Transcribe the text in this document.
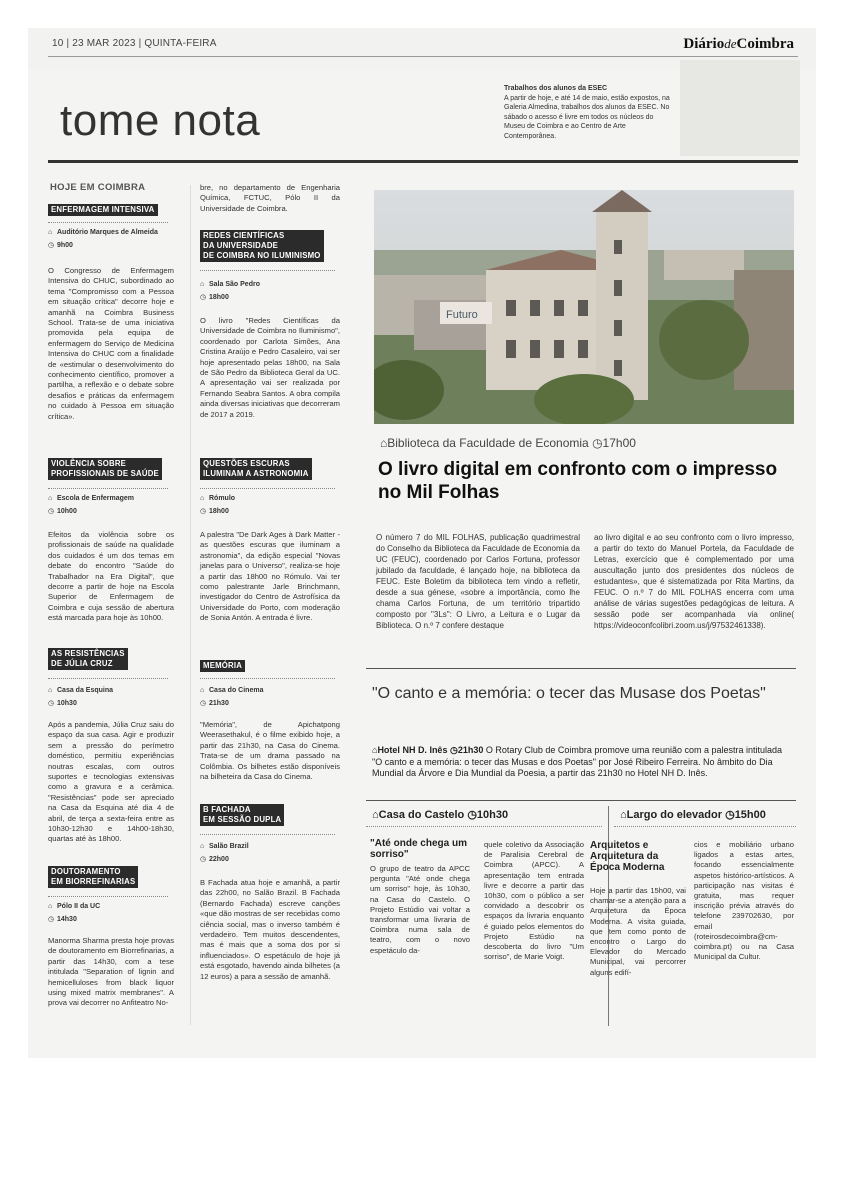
10 | 23 MAR 2023 | QUINTA-FEIRA	DiáriodeCoimbra
tome nota
Trabalhos dos alunos da ESEC
A partir de hoje, e até 14 de maio, estão expostos, na Galeria Almedina, trabalhos dos alunos da ESEC. No sábado o acesso é livre em todos os núcleos do Museu de Coimbra e ao Centro de Arte Contemporânea.
HOJE EM COIMBRA
ENFERMAGEM INTENSIVA
⌂ Auditório Marques de Almeida
◷ 9h00
O Congresso de Enfermagem Intensiva do CHUC, subordinado ao tema "Compromisso com a Pessoa em situação crítica" decorre hoje e amanhã na Coimbra Business School. Trata-se de uma iniciativa promovida pela equipa de enfermagem do Serviço de Medicina Intensiva do CHUC com a finalidade de «estimular o desenvolvimento do conhecimento científico, promover a partilha, a reflexão e o debate sobre desafios e práticas da enfermagem no cuidado à Pessoa em situação crítica».
VIOLÊNCIA SOBRE
PROFISSIONAIS DE SAÚDE
⌂ Escola de Enfermagem
◷ 10h00
Efeitos da violência sobre os profissionais de saúde na qualidade dos cuidados é um dos temas em debate do encontro "Saúde do Trabalhador na Era Digital", que decorre a partir de hoje na Escola Superior de Enfermagem de Coimbra e cuja sessão de abertura está marcada para hoje às 10h00.
AS RESISTÊNCIAS
DE JÚLIA CRUZ
⌂ Casa da Esquina
◷ 10h30
Após a pandemia, Júlia Cruz saiu do espaço da sua casa. Agir e produzir sem a pressão do perímetro doméstico, permitiu experiências noutras escalas, com outros suportes e tecnologias extensivas como a gravura e a cerâmica. "Resistências" pode ser apreciado na Casa da Esquina até dia 4 de abril, de terça a sexta-feira entre as 10h30-12h30 e 14h00-18h30, quartas até às 18h00.
DOUTORAMENTO
EM BIORREFINARIAS
⌂ Pólo II da UC
◷ 14h30
Manorma Sharma presta hoje provas de doutoramento em Biorrefinarias, a partir das 14h30, com a tese intitulada "Separation of lignin and hemicelluloses from black liquor using mixed matrix membranes". A prova vai decorrer no Anfiteatro No-
bre, no departamento de Engenharia Química, FCTUC, Pólo II da Universidade de Coimbra.
REDES CIENTÍFICAS
DA UNIVERSIDADE
DE COIMBRA NO ILUMINISMO
⌂ Sala São Pedro
◷ 18h00
O livro "Redes Científicas da Universidade de Coimbra no Iluminismo", coordenado por Carlota Simões, Ana Cristina Araújo e Pedro Casaleiro, vai ser hoje apresentado pelas 18h00, na Sala de São Pedro da Biblioteca Geral da UC. A apresentação vai ser realizada por Fernando Seabra Santos. A obra compila ainda diversas iniciativas que decorreram de 2017 a 2019.
QUESTÕES ESCURAS
ILUMINAM A ASTRONOMIA
⌂ Rómulo
◷ 18h00
A palestra "De Dark Ages à Dark Matter - as questões escuras que iluminam a astronomia", da edição especial "Novas janelas para o Universo", realiza-se hoje a partir das 18h00 no Rómulo. Vai ter como palestrante Jarle Brinchmann, investigador do Centro de Astrofísica da Universidade do Porto, com moderação de Sonia Antón. A entrada é livre.
MEMÓRIA
⌂ Casa do Cinema
◷ 21h30
"Memória", de Apichatpong Weerasethakul, é o filme exibido hoje, a partir das 21h30, na Casa do Cinema. Trata-se de um drama passado na Colômbia. Os bilhetes estão disponíveis na bilheteira da Casa do Cinema.
B FACHADA
EM SESSÃO DUPLA
⌂ Salão Brazil
◷ 22h00
B Fachada atua hoje e amanhã, a partir das 22h00, no Salão Brazil. B Fachada (Bernardo Fachada) escreve canções «que dão mostras de ser recebidas como ciência social, mas o inverso também é verdadeiro. Tem muitos descendentes, mas é mais que a soma dos por si influenciados». O espetáculo de hoje já está esgotado, havendo ainda bilhetes (a 12 euros) a para a sessão de amanhã.
Futuro
⌂Biblioteca da Faculdade de Economia ◷17h00
O livro digital em confronto com o impresso no Mil Folhas
O número 7 do MIL FOLHAS, publicação quadrimestral do Conselho da Biblioteca da Faculdade de Economia da UC (FEUC), coordenado por Carlos Fortuna, professor jubilado da faculdade, é lançado hoje, na biblioteca da FEUC. Este Boletim da biblioteca tem vindo a refletir, desde a sua génese, «sobre a importância, como lhe chama Carlos Fortuna, de um território tripartido composto por "3Ls": O Livro, a Leitura e o Lugar da Biblioteca. O n.º 7 confere destaque
ao livro digital e ao seu confronto com o livro impresso, a partir do texto do Manuel Portela, da Faculdade de Letras, exercício que é complementado por uma auscultação junto dos presidentes dos núcleos de estudantes», que é sistematizada por Rita Martins, da FEUC. O n.º 7 do MIL FOLHAS encerra com uma análise de várias sugestões pedagógicas de leitura. A sessão pode ser acompanhada via online( https://videoconfcolibri.zoom.us/j/97532461338).
"O canto e a memória: o tecer das Musase dos Poetas"
⌂Hotel NH D. Inês ◷21h30 O Rotary Club de Coimbra promove uma reunião com a palestra intitulada "O canto e a memória: o tecer das Musas e dos Poetas" por José Ribeiro Ferreira. No âmbito do Dia Mundial da Árvore e Dia Mundial da Poesia, a partir das 21h30 no Hotel NH D. Inês.
⌂Casa do Castelo ◷10h30
"Até onde chega um sorriso"
O grupo de teatro da APCC pergunta "Até onde chega um sorriso" hoje, às 10h30, na Casa do Castelo. O Projeto Estúdio vai voltar a transformar uma livraria de Coimbra numa sala de teatro, com o novo espetáculo da-
quele coletivo da Associação de Paralisia Cerebral de Coimbra (APCC). A apresentação tem entrada livre e decorre a partir das 10h30, com o público a ser convidado a descobrir os espaços da livraria enquanto é guiado pelos elementos do Projeto Estúdio na descoberta do livro "Um sorriso", de Marie Voigt.
⌂Largo do elevador ◷15h00
Arquitetos e Arquitetura da Época Moderna
Hoje a partir das 15h00, vai chamar-se a atenção para a Arquitetura da Época Moderna. A visita guiada, que tem como ponto de encontro o Largo do Elevador do Mercado Municipal, vai percorrer alguns edifí-
cios e mobiliário urbano ligados a estas artes, focando essencialmente aspetos histórico-artísticos. A participação nas visitas é gratuita, mas requer inscrição prévia através do telefone 239702630, por email (roteirosdecoimbra@cm-coimbra.pt) ou na Casa Municipal da Cultur.
